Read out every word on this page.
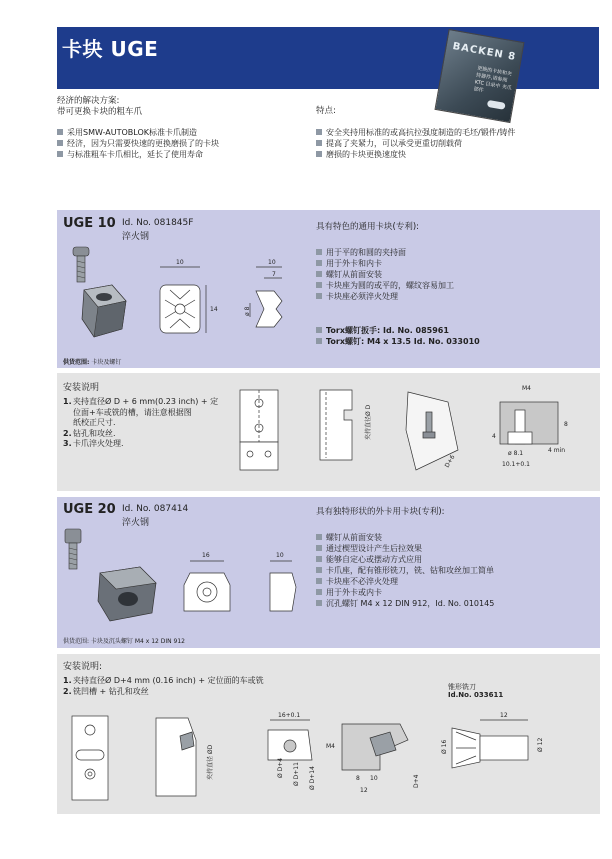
卡块 UGE	BACKEN 8
更换的卡块和夹持器件,请参阅 KTC 目录中 夹爪部件
经济的解决方案:
带可更换卡块的粗车爪
采用SMW-AUTOBLOK标准卡爪制造
经济，因为只需要快速的更换磨损了的卡块
与标准粗车卡爪相比，延长了使用寿命
特点:
安全夹持用标准的或高抗拉强度制造的毛坯/锻件/铸件
提高了夹紧力，可以承受更重切削载荷
磨损的卡块更换速度快
UGE 10 Id. No. 081845F
淬火钢
具有特色的通用卡块(专利):
用于平的和圆的夹持面
用于外卡和内卡
螺钉从前面安装
卡块座为圆的或平的，螺纹容易加工
卡块座必须淬火处理
Torx螺钉扳手: Id. No. 085961
Torx螺钉: M4 x 13.5 Id. No. 033010
供货范围: 卡块及螺钉
10
14
10
7
ø 8
安装说明
1.夹持直径Ø D + 6 mm(0.23 inch) + 定
位面+车或铣的槽，请注意根据图
纸校正尺寸.
2.钻孔和攻丝.
3.卡爪淬火处理.
夹持直径Ø D
D+6
M4
ø 8.1
10.1+0.1
4
8
4 min
UGE 20 Id. No. 087414
淬火钢
具有独特形状的外卡用卡块(专利):
螺钉从前面安装
通过楔型设计产生后拉效果
能够自定心或摆动方式应用
卡爪座，配有锥形铣刀，铣、钻和攻丝加工简单
卡块座不必淬火处理
用于外卡或内卡
沉孔螺钉 M4 x 12 DIN 912，Id. No. 010145
供货范围: 卡块及沉头螺钉 M4 x 12 DIN 912
16	10
安装说明:
1.夹持直径Ø D+4 mm (0.16 inch) + 定位面的车或铣
2.铣凹槽 + 钻孔和攻丝	锥形铣刀
Id.No. 033611
夹持直径 ØD
16+0.1
Ø D+4 Ø D+11 Ø D+14
M4
8 10
12
D+4
12
Ø 16	Ø 12
